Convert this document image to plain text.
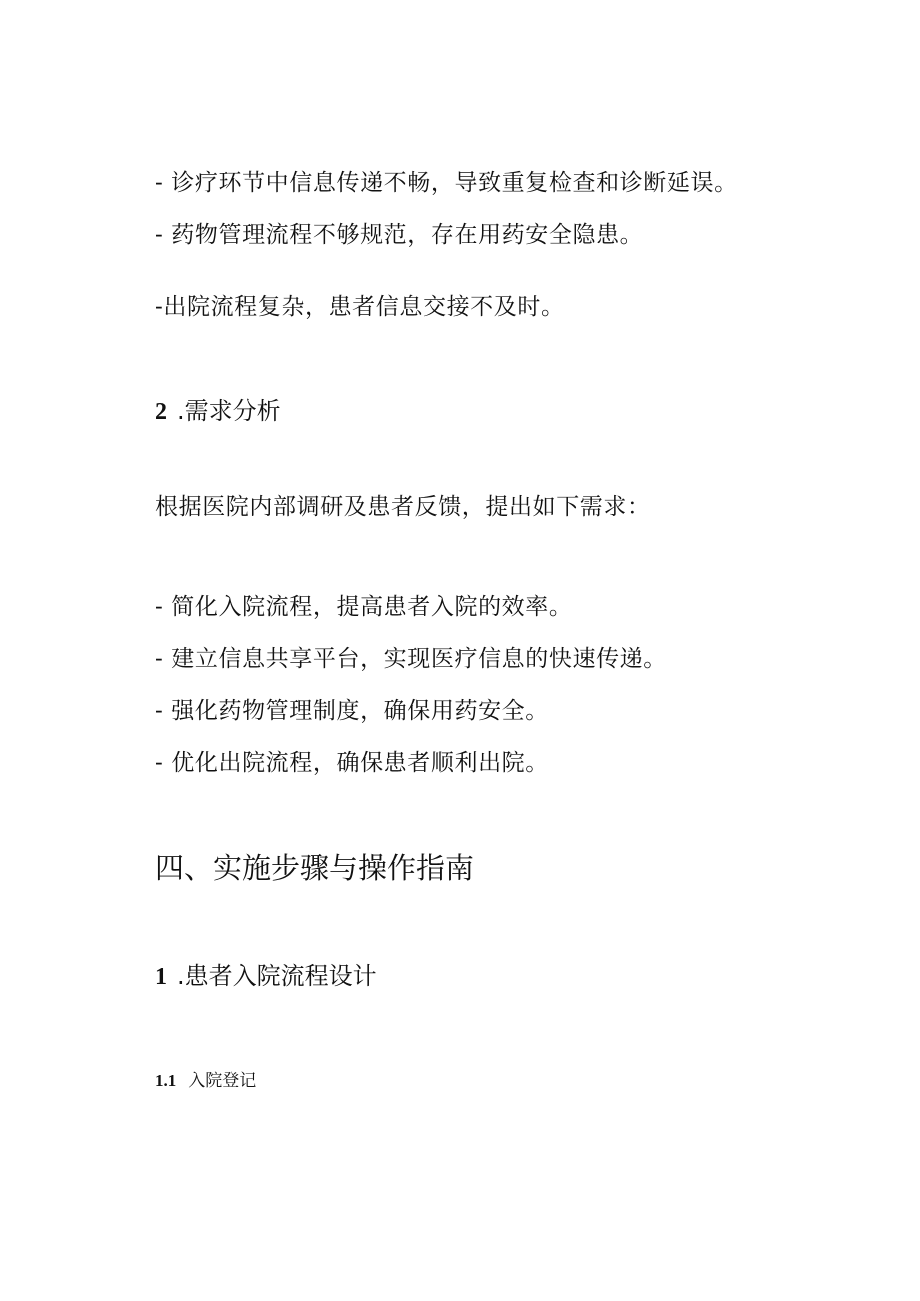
- 诊疗环节中信息传递不畅，导致重复检查和诊断延误。
- 药物管理流程不够规范，存在用药安全隐患。
-出院流程复杂，患者信息交接不及时。
2 .需求分析
根据医院内部调研及患者反馈，提出如下需求：
- 简化入院流程，提高患者入院的效率。
- 建立信息共享平台，实现医疗信息的快速传递。
- 强化药物管理制度，确保用药安全。
- 优化出院流程，确保患者顺利出院。
四、实施步骤与操作指南
1 .患者入院流程设计
1.1 入院登记
